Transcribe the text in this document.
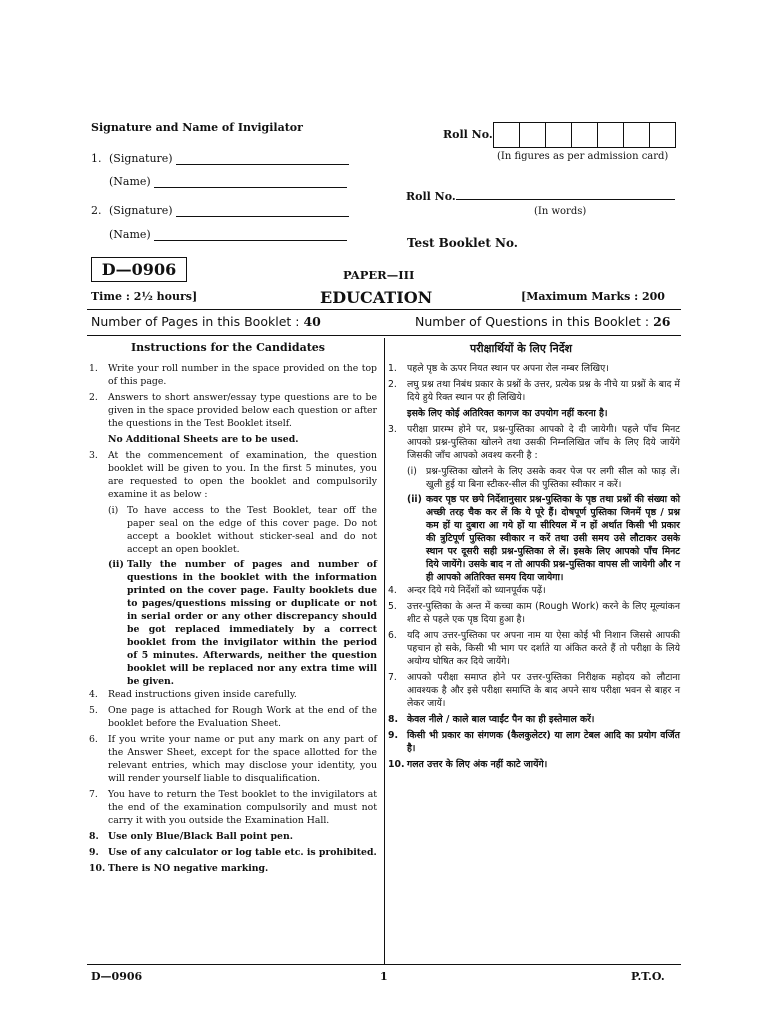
Signature and Name of Invigilator
1. (Signature)
(Name)
2. (Signature)
(Name)
Roll No.
(In figures as per admission card)
Roll No.
(In words)
Test Booklet No.
D—0906	PAPER—III
EDUCATION
Time : 2½ hours]	[Maximum Marks : 200
Number of Pages in this Booklet : 40	Number of Questions in this Booklet : 26
Instructions for the Candidates	परीक्षार्थियों के लिए निर्देश
1.	Write your roll number in the space provided on the top of this page.
2.	Answers to short answer/essay type questions are to be given in the space provided below each question or after the questions in the Test Booklet itself.
No Additional Sheets are to be used.
3.	At the commencement of examination, the question booklet will be given to you. In the first 5 minutes, you are requested to open the booklet and compulsorily examine it as below :
(i) To have access to the Test Booklet, tear off the paper seal on the edge of this cover page. Do not accept a booklet without sticker-seal and do not accept an open booklet.
(ii) Tally the number of pages and number of questions in the booklet with the information printed on the cover page. Faulty booklets due to pages/questions missing or duplicate or not in serial order or any other discrepancy should be got replaced immediately by a correct booklet from the invigilator within the period of 5 minutes. Afterwards, neither the question booklet will be replaced nor any extra time will be given.
4.	Read instructions given inside carefully.
5.	One page is attached for Rough Work at the end of the booklet before the Evaluation Sheet.
6.	If you write your name or put any mark on any part of the Answer Sheet, except for the space allotted for the relevant entries, which may disclose your identity, you will render yourself liable to disqualification.
7.	You have to return the Test booklet to the invigilators at the end of the examination compulsorily and must not carry it with you outside the Examination Hall.
8. Use only Blue/Black Ball point pen.
9. Use of any calculator or log table etc. is prohibited.
10. There is NO negative marking.
1.	पहले पृष्ठ के ऊपर नियत स्थान पर अपना रोल नम्बर लिखिए।
2.	लघु प्रश्न तथा निबंध प्रकार के प्रश्नों के उत्तर, प्रत्येक प्रश्न के नीचे या प्रश्नों के बाद में दिये हुये रिक्त स्थान पर ही लिखिये।
इसके लिए कोई अतिरिक्त कागज का उपयोग नहीं करना है।
3.	परीक्षा प्रारम्भ होने पर, प्रश्न-पुस्तिका आपको दे दी जायेगी। पहले पाँच मिनट आपको प्रश्न-पुस्तिका खोलने तथा उसकी निम्नलिखित जाँच के लिए दिये जायेंगे जिसकी जाँच आपको अवश्य करनी है :
(i) प्रश्न-पुस्तिका खोलने के लिए उसके कवर पेज पर लगी सील को फाड़ लें। खुली हुई या बिना स्टीकर-सील की पुस्तिका स्वीकार न करें।
(ii) कवर पृष्ठ पर छपे निर्देशानुसार प्रश्न-पुस्तिका के पृष्ठ तथा प्रश्नों की संख्या को अच्छी तरह चैक कर लें कि ये पूरे हैं। दोषपूर्ण पुस्तिका जिनमें पृष्ठ / प्रश्न कम हों या दुबारा आ गये हों या सीरियल में न हों अर्थात किसी भी प्रकार की त्रुटिपूर्ण पुस्तिका स्वीकार न करें तथा उसी समय उसे लौटाकर उसके स्थान पर दूसरी सही प्रश्न-पुस्तिका ले लें। इसके लिए आपको पाँच मिनट दिये जायेंगे। उसके बाद न तो आपकी प्रश्न-पुस्तिका वापस ली जायेगी और न ही आपको अतिरिक्त समय दिया जायेगा।
4.	अन्दर दिये गये निर्देशों को ध्यानपूर्वक पढ़ें।
5.	उत्तर-पुस्तिका के अन्त में कच्चा काम (Rough Work) करने के लिए मूल्यांकन शीट से पहले एक पृष्ठ दिया हुआ है।
6.	यदि आप उत्तर-पुस्तिका पर अपना नाम या ऐसा कोई भी निशान जिससे आपकी पहचान हो सके, किसी भी भाग पर दर्शाते या अंकित करते हैं तो परीक्षा के लिये अयोग्य घोषित कर दिये जायेंगे।
7.	आपको परीक्षा समाप्त होने पर उत्तर-पुस्तिका निरीक्षक महोदय को लौटाना आवश्यक है और इसे परीक्षा समाप्ति के बाद अपने साथ परीक्षा भवन से बाहर न लेकर जायें।
8. केवल नीले / काले बाल प्वाईंट पैन का ही इस्तेमाल करें।
9. किसी भी प्रकार का संगणक (कैलकुलेटर) या लाग टेबल आदि का प्रयोग वर्जित है।
10. गलत उत्तर के लिए अंक नहीं काटे जायेंगे।
D—0906	1	P.T.O.
